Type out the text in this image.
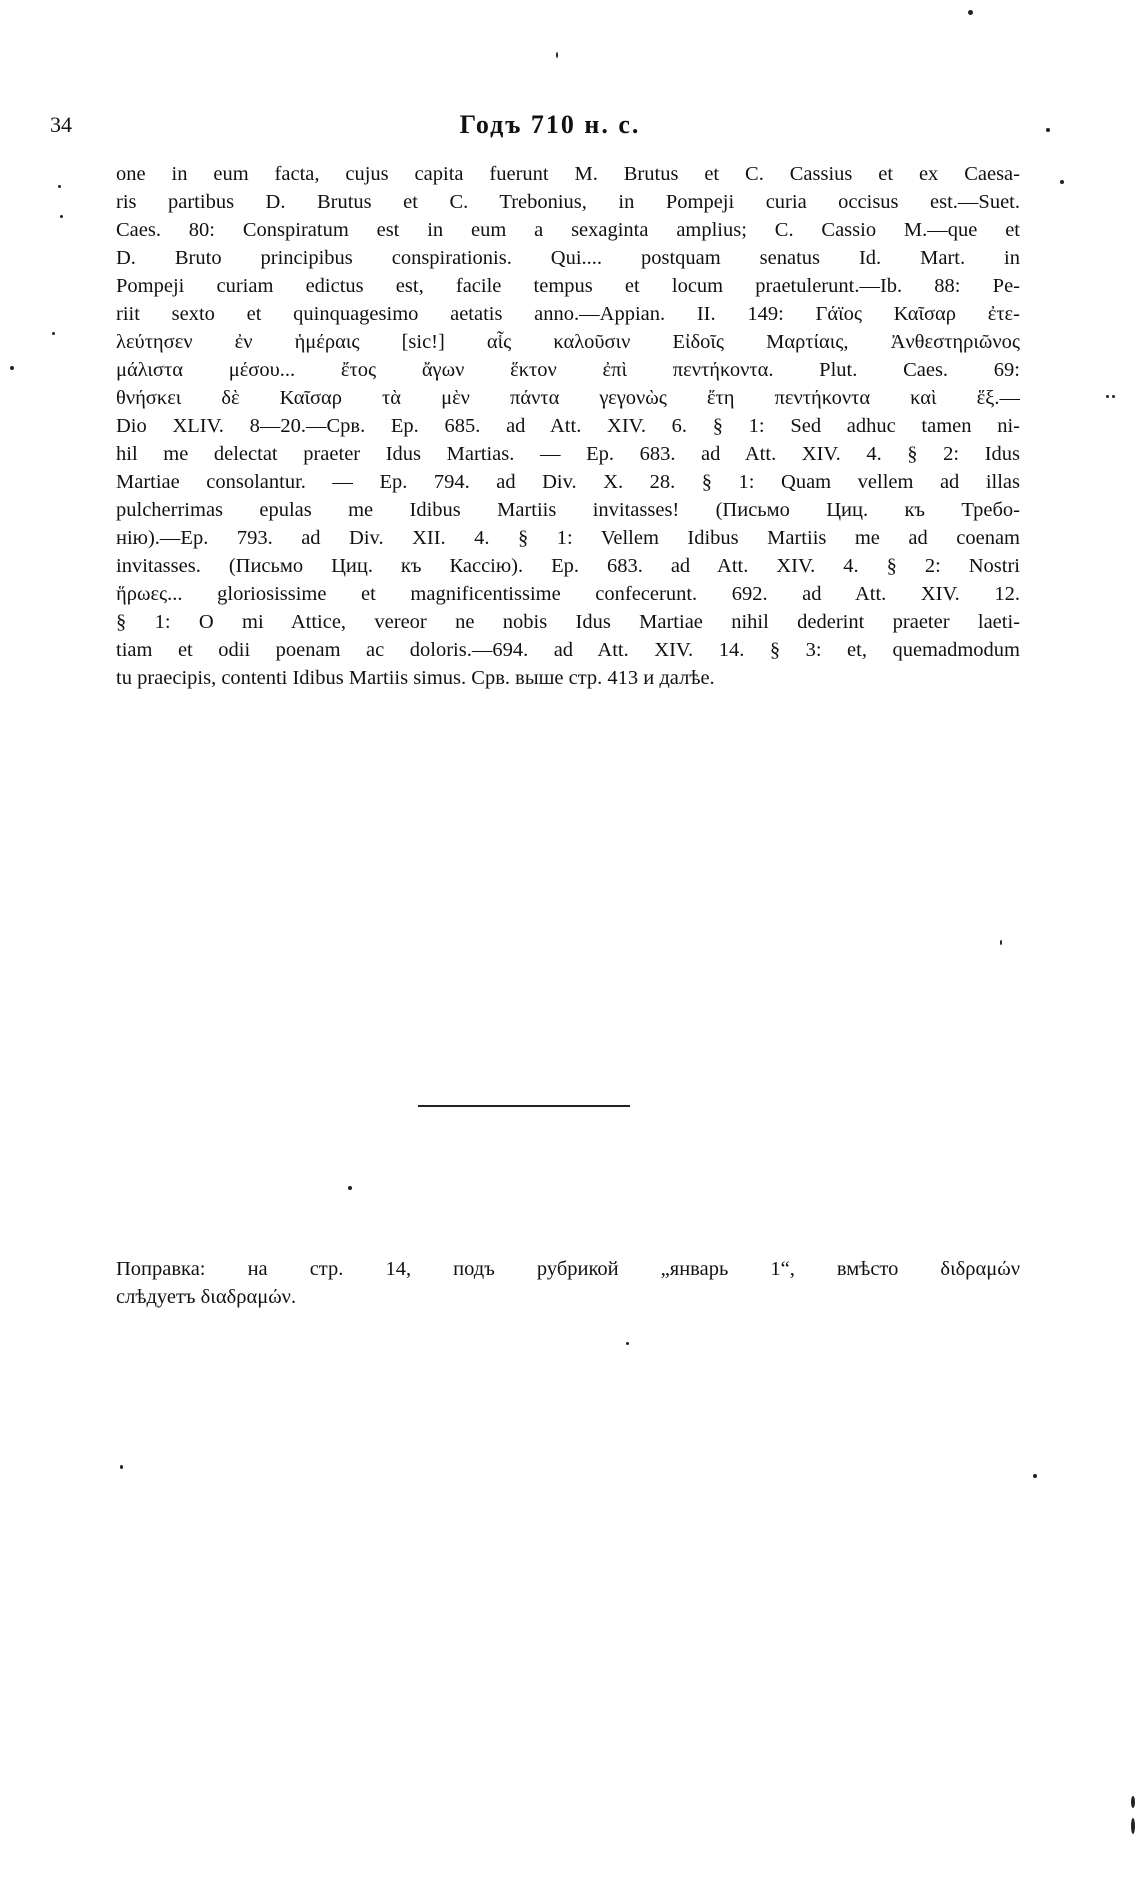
34	Годъ 710 н. с.
one in eum facta, cujus capita fuerunt M. Brutus et C. Cassius et ex Caesa-
ris partibus D. Brutus et C. Trebonius, in Pompeji curia occisus est.—Suet.
Caes. 80: Conspiratum est in eum a sexaginta amplius; C. Cassio M.—que et
D. Bruto principibus conspirationis. Qui.... postquam senatus Id. Mart. in
Pompeji curiam edictus est, facile tempus et locum praetulerunt.—Ib. 88: Pe-
riit sexto et quinquagesimo aetatis anno.—Appian. II. 149: Γάϊος Καῖσαρ ἐτε-
λεύτησεν ἐν ἡμέραις [sic!] αἷς καλοῦσιν Εἰδοῖς Μαρτίαις, Ἀνθεστηριῶνος
μάλιστα μέσου... ἔτος ἄγων ἕκτον ἐπὶ πεντήκοντα. Plut. Caes. 69:
θνήσκει δὲ Καῖσαρ τὰ μὲν πάντα γεγονὼς ἔτη πεντήκοντα καὶ ἕξ.—
Dio XLIV. 8—20.—Срв. Ep. 685. ad Att. XIV. 6. § 1: Sed adhuc tamen ni-
hil me delectat praeter Idus Martias. — Ep. 683. ad Att. XIV. 4. § 2: Idus
Martiae consolantur. — Ep. 794. ad Div. X. 28. § 1: Quam vellem ad illas
pulcherrimas epulas me Idibus Martiis invitasses! (Письмо Циц. къ Требо-
нію).—Ep. 793. ad Div. XII. 4. § 1: Vellem Idibus Martiis me ad coenam
invitasses. (Письмо Циц. къ Кассію). Ep. 683. ad Att. XIV. 4. § 2: Nostri
ἥρωες... gloriosissime et magnificentissime confecerunt. 692. ad Att. XIV. 12.
§ 1: O mi Attice, vereor ne nobis Idus Martiae nihil dederint praeter laeti-
tiam et odii poenam ac doloris.—694. ad Att. XIV. 14. § 3: et, quemadmodum
tu praecipis, contenti Idibus Martiis simus. Срв. выше стр. 413 и далѣе.
Поправка: на стр. 14, подъ рубрикой „январь 1“, вмѣсто διδραμών
слѣдуетъ διαδραμών.
